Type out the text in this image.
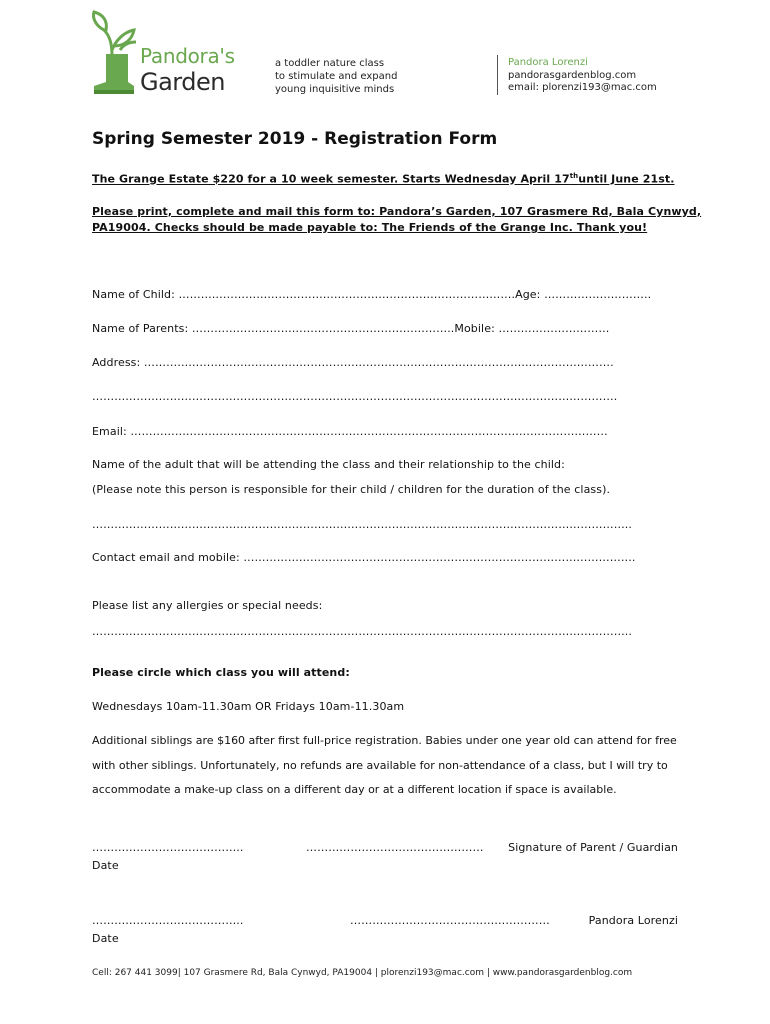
Pandora's
Garden
a toddler nature class
to stimulate and expand
young inquisitive minds
Pandora Lorenzi
pandorasgardenblog.com
email: plorenzi193@mac.com
Spring Semester 2019 - Registration Form
The Grange Estate $220 for a 10 week semester. Starts Wednesday April 17thuntil June 21st.
Please print, complete and mail this form to: Pandora’s Garden, 107 Grasmere Rd, Bala Cynwyd,
PA19004. Checks should be made payable to: The Friends of the Grange Inc. Thank you!
Name of Child: ……………………………………………………………………………….Age: ………………………..
Name of Parents: ……………………………………………………………..Mobile: …………………………
Address: ……………………………………………………………………………………………………………….
…………………………………………………………………………………………………………………………….
Email: …………………………………………………………………………………………………………………
Name of the adult that will be attending the class and their relationship to the child:
(Please note this person is responsible for their child / children for the duration of the class).
………………………………………………………………………………………………………………………………..
Contact email and mobile: …………………………………………………………………………………………….
Please list any allergies or special needs:
………………………………………………………………………………………………………………………………..
Please circle which class you will attend:
Wednesdays 10am-11.30am OR Fridays 10am-11.30am
Additional siblings are $160 after first full-price registration. Babies under one year old can attend for free with other siblings. Unfortunately, no refunds are available for non-attendance of a class, but I will try to accommodate a make-up class on a different day or at a different location if space is available.
…………………………………..	………………………………………… Signature of Parent / Guardian
Date
…………………………………..	………………………………………………	Pandora Lorenzi
Date
Cell: 267 441 3099| 107 Grasmere Rd, Bala Cynwyd, PA19004 | plorenzi193@mac.com | www.pandorasgardenblog.com
